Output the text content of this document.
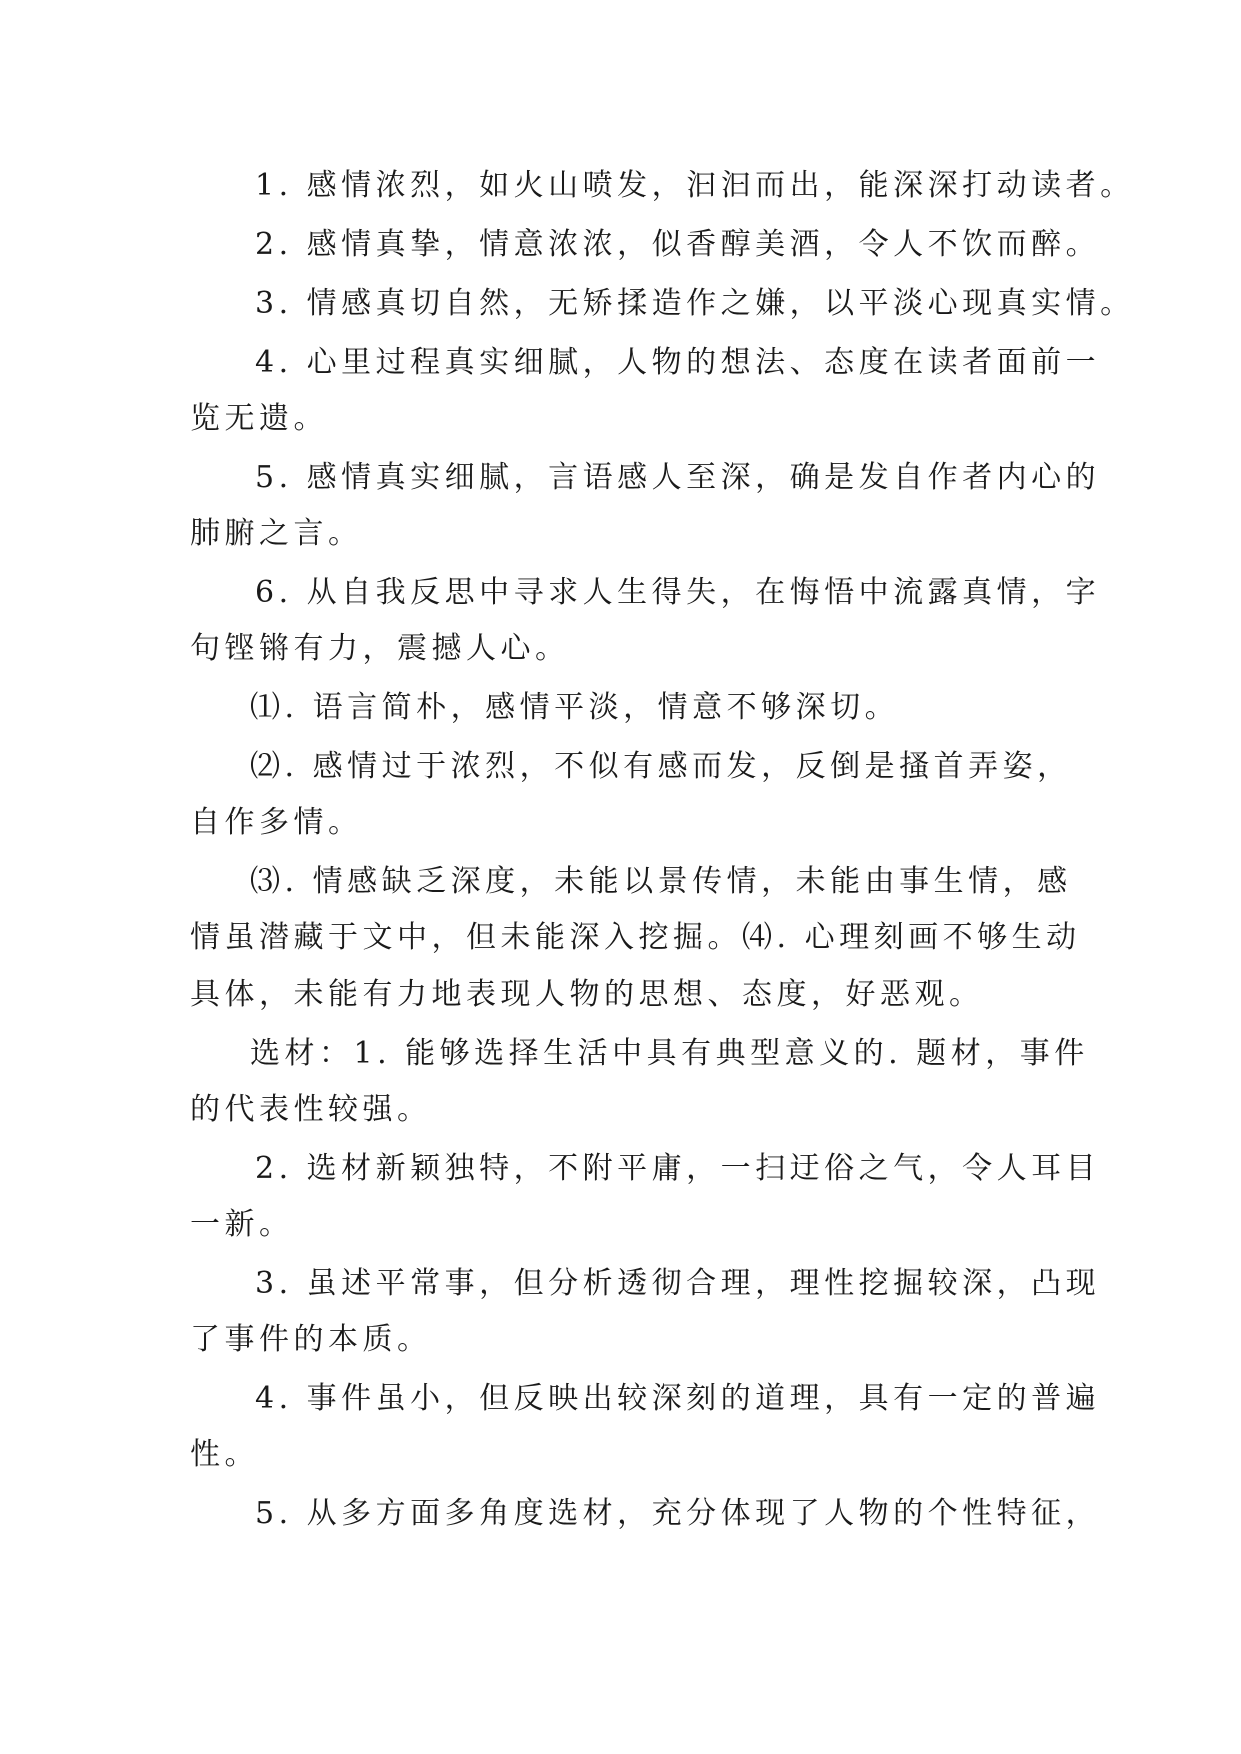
1. 感情浓烈，如火山喷发，汩汩而出，能深深打动读者。
2. 感情真挚，情意浓浓，似香醇美酒，令人不饮而醉。
3. 情感真切自然，无矫揉造作之嫌，以平淡心现真实情。
4. 心里过程真实细腻，人物的想法、态度在读者面前一
览无遗。
5. 感情真实细腻，言语感人至深，确是发自作者内心的
肺腑之言。
6. 从自我反思中寻求人生得失，在悔悟中流露真情，字
句铿锵有力，震撼人心。
⑴. 语言简朴，感情平淡，情意不够深切。
⑵. 感情过于浓烈，不似有感而发，反倒是搔首弄姿，
自作多情。
⑶. 情感缺乏深度，未能以景传情，未能由事生情，感
情虽潜藏于文中，但未能深入挖掘。⑷. 心理刻画不够生动
具体，未能有力地表现人物的思想、态度，好恶观。
选材：1. 能够选择生活中具有典型意义的. 题材，事件
的代表性较强。
2. 选材新颖独特，不附平庸，一扫迂俗之气，令人耳目
一新。
3. 虽述平常事，但分析透彻合理，理性挖掘较深，凸现
了事件的本质。
4. 事件虽小，但反映出较深刻的道理，具有一定的普遍
性。
5. 从多方面多角度选材，充分体现了人物的个性特征，
